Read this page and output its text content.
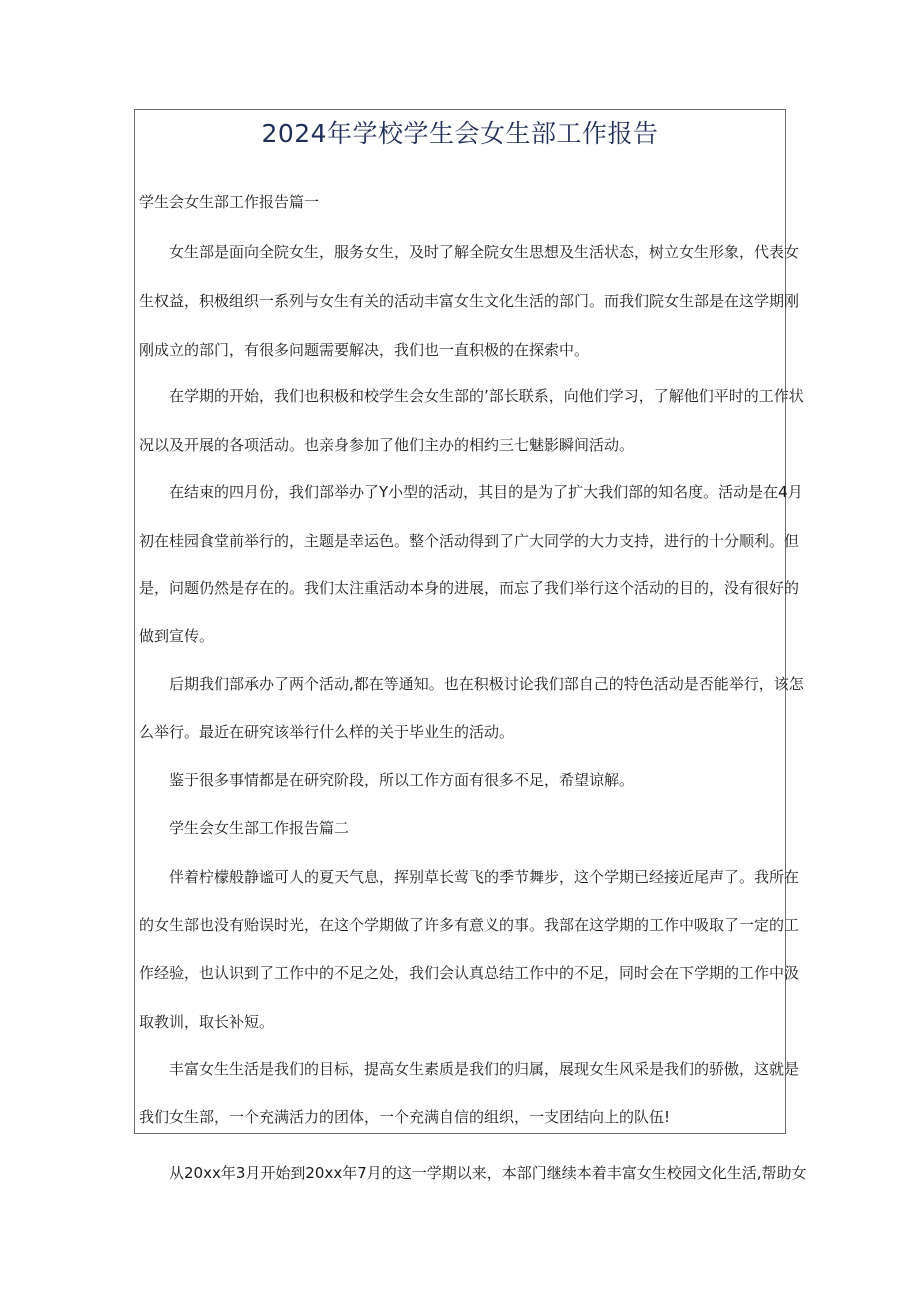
2024年学校学生会女生部工作报告
学生会女生部工作报告篇一
女生部是面向全院女生，服务女生，及时了解全院女生思想及生活状态，树立女生形象，代表女
生权益，积极组织一系列与女生有关的活动丰富女生文化生活的部门。而我们院女生部是在这学期刚
刚成立的部门，有很多问题需要解决，我们也一直积极的在探索中。
在学期的开始，我们也积极和校学生会女生部的’部长联系，向他们学习，了解他们平时的工作状
况以及开展的各项活动。也亲身参加了他们主办的相约三七魅影瞬间活动。
在结束的四月份，我们部举办了Y小型的活动，其目的是为了扩大我们部的知名度。活动是在4月
初在桂园食堂前举行的，主题是幸运色。整个活动得到了广大同学的大力支持，进行的十分顺利。但
是，问题仍然是存在的。我们太注重活动本身的进展，而忘了我们举行这个活动的目的，没有很好的
做到宣传。
后期我们部承办了两个活动,都在等通知。也在积极讨论我们部自己的特色活动是否能举行，该怎
么举行。最近在研究该举行什么样的关于毕业生的活动。
鉴于很多事情都是在研究阶段，所以工作方面有很多不足，希望谅解。
学生会女生部工作报告篇二
伴着柠檬般静谧可人的夏天气息，挥别草长莺飞的季节舞步，这个学期已经接近尾声了。我所在
的女生部也没有贻误时光，在这个学期做了许多有意义的事。我部在这学期的工作中吸取了一定的工
作经验，也认识到了工作中的不足之处，我们会认真总结工作中的不足，同时会在下学期的工作中汲
取教训，取长补短。
丰富女生生活是我们的目标，提高女生素质是我们的归属，展现女生风采是我们的骄傲，这就是
我们女生部，一个充满活力的团体，一个充满自信的组织，一支团结向上的队伍!
从20xx年3月开始到20xx年7月的这一学期以来，本部门继续本着丰富女生校园文化生活,帮助女
